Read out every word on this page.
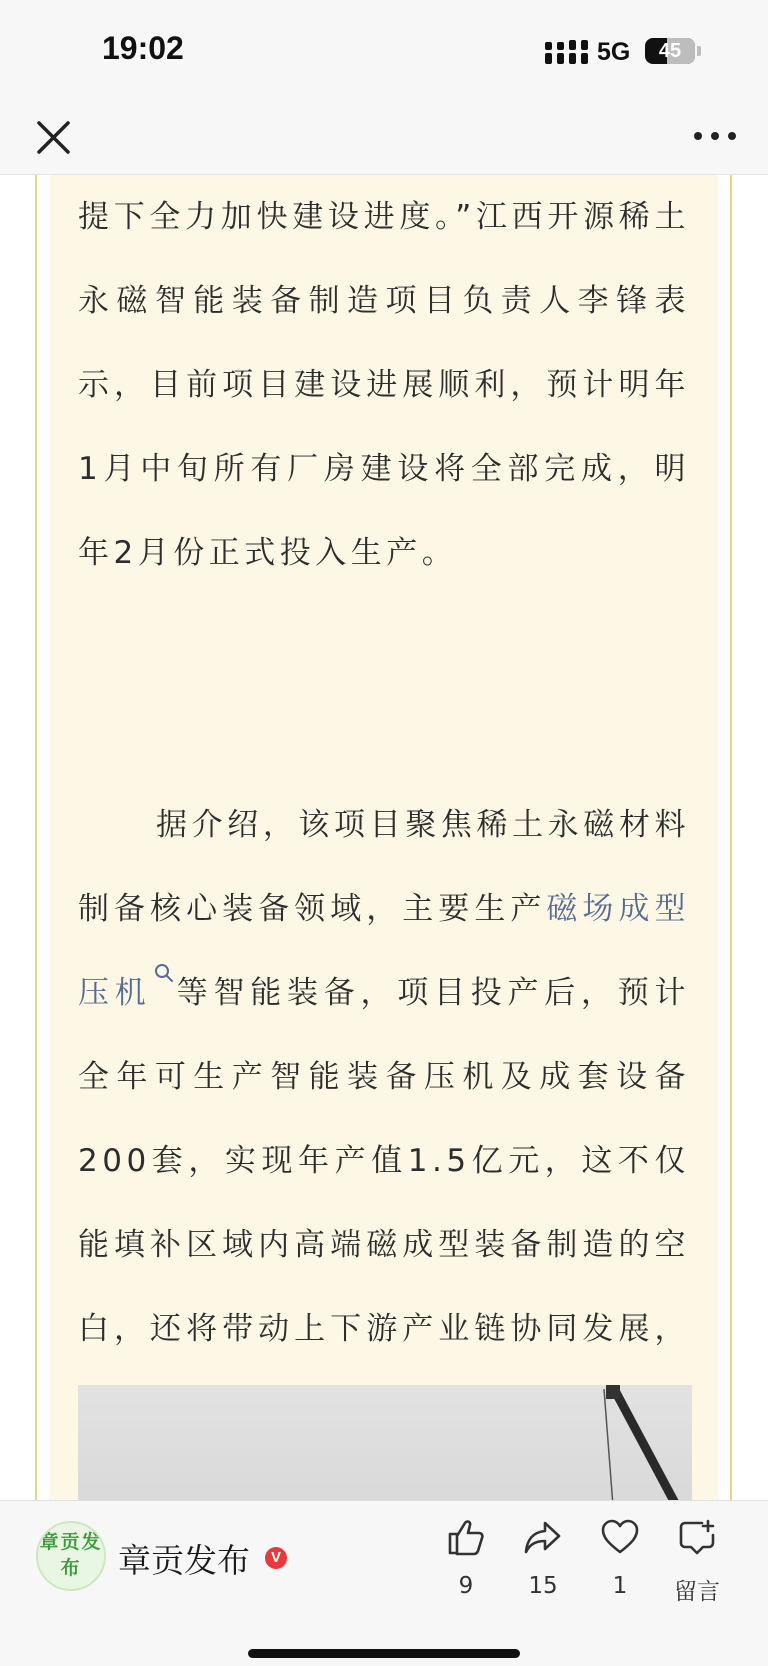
19:02	5G	45

提下全力加快建设进度。”江西开源稀土永磁智能装备制造项目负责人李锋表示，目前项目建设进展顺利，预计明年1月中旬所有厂房建设将全部完成，明年2月份正式投入生产。

据介绍，该项目聚焦稀土永磁材料制备核心装备领域，主要生产磁场成型压机 等智能装备，项目投产后，预计全年可生产智能装备压机及成套设备200套，实现年产值1.5亿元，这不仅能填补区域内高端磁成型装备制造的空白，还将带动上下游产业链协同发展，

章贡发布	章贡发布	V
9	15	1	留言
